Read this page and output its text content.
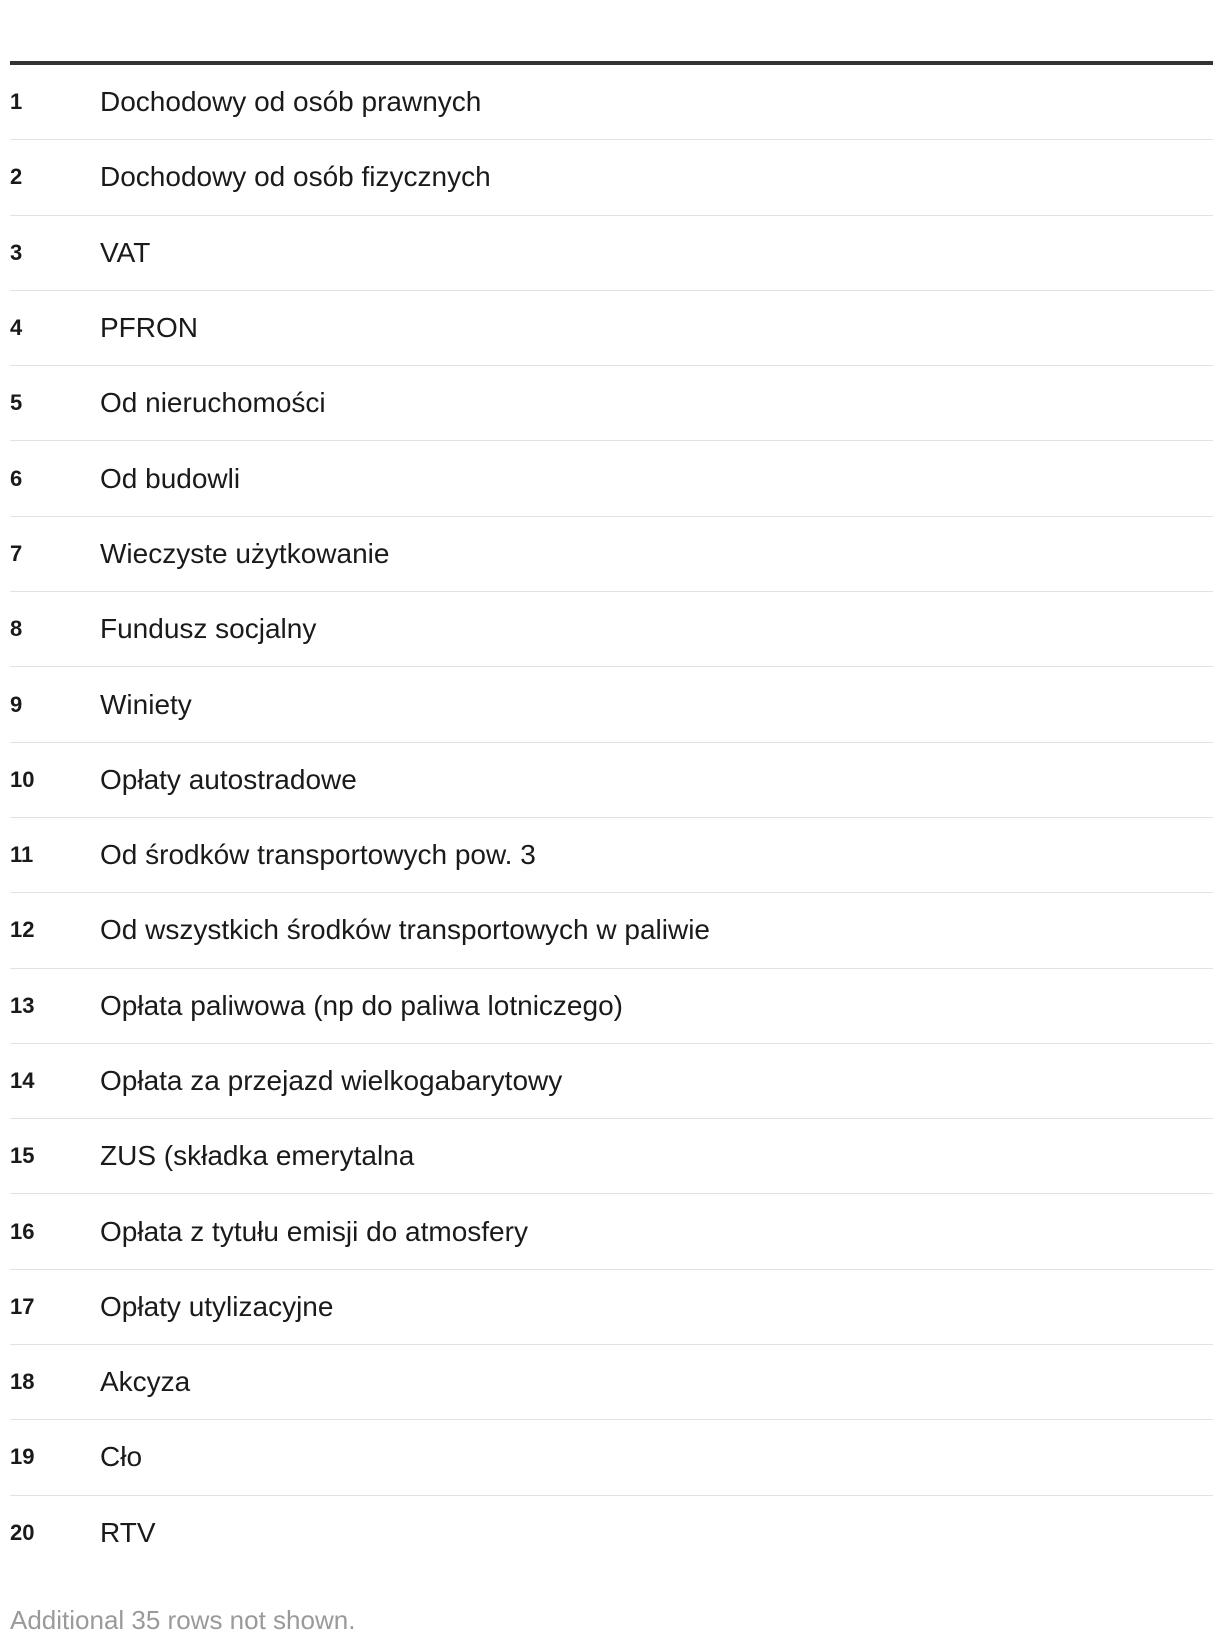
1	Dochodowy od osób prawnych
2	Dochodowy od osób fizycznych
3	VAT
4	PFRON
5	Od nieruchomości
6	Od budowli
7	Wieczyste użytkowanie
8	Fundusz socjalny
9	Winiety
10	Opłaty autostradowe
11	Od środków transportowych pow. 3
12	Od wszystkich środków transportowych w paliwie
13	Opłata paliwowa (np do paliwa lotniczego)
14	Opłata za przejazd wielkogabarytowy
15	ZUS (składka emerytalna
16	Opłata z tytułu emisji do atmosfery
17	Opłaty utylizacyjne
18	Akcyza
19	Cło
20	RTV
Additional 35 rows not shown.
